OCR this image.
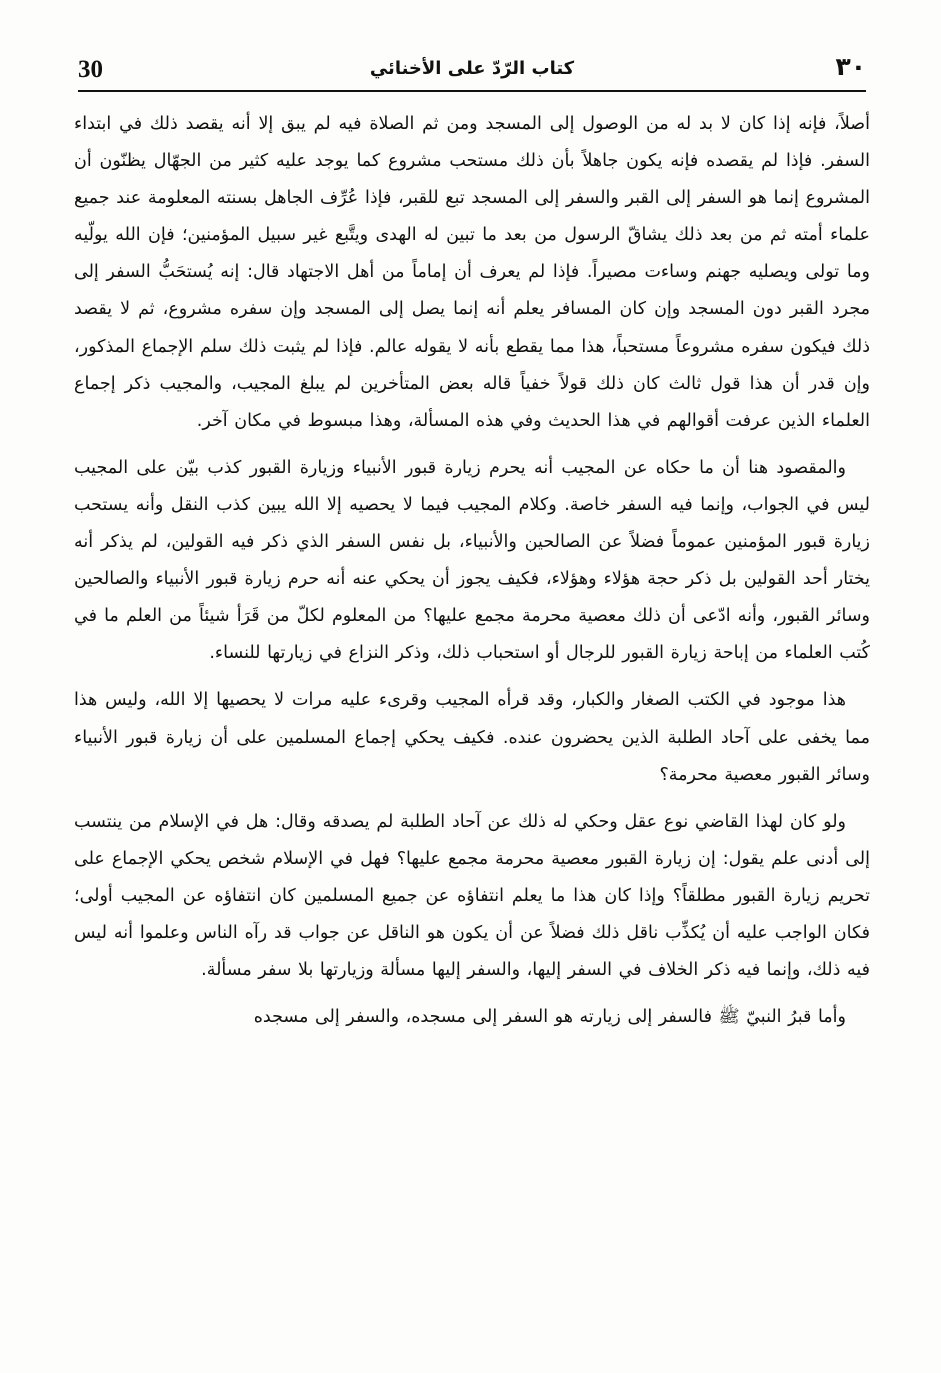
30	كتاب الرّدّ على الأخنائي	٣٠

أصلاً، فإنه إذا كان لا بد له من الوصول إلى المسجد ومن ثم الصلاة فيه لم يبق إلا أنه يقصد ذلك في ابتداء السفر. فإذا لم يقصده فإنه يكون جاهلاً بأن ذلك مستحب مشروع كما يوجد عليه كثير من الجهّال يظنّون أن المشروع إنما هو السفر إلى القبر والسفر إلى المسجد تبع للقبر، فإذا عُرِّف الجاهل بسنته المعلومة عند جميع علماء أمته ثم من بعد ذلك يشاقّ الرسول من بعد ما تبين له الهدى ويتَّبع غير سبيل المؤمنين؛ فإن الله يولّيه وما تولى ويصليه جهنم وساءت مصيراً. فإذا لم يعرف أن إماماً من أهل الاجتهاد قال: إنه يُستحَبُّ السفر إلى مجرد القبر دون المسجد وإن كان المسافر يعلم أنه إنما يصل إلى المسجد وإن سفره مشروع، ثم لا يقصد ذلك فيكون سفره مشروعاً مستحباً، هذا مما يقطع بأنه لا يقوله عالم. فإذا لم يثبت ذلك سلم الإجماع المذكور، وإن قدر أن هذا قول ثالث كان ذلك قولاً خفياً قاله بعض المتأخرين لم يبلغ المجيب، والمجيب ذكر إجماع العلماء الذين عرفت أقوالهم في هذا الحديث وفي هذه المسألة، وهذا مبسوط في مكان آخر.

والمقصود هنا أن ما حكاه عن المجيب أنه يحرم زيارة قبور الأنبياء وزيارة القبور كذب بيّن على المجيب ليس في الجواب، وإنما فيه السفر خاصة. وكلام المجيب فيما لا يحصيه إلا الله يبين كذب النقل وأنه يستحب زيارة قبور المؤمنين عموماً فضلاً عن الصالحين والأنبياء، بل نفس السفر الذي ذكر فيه القولين، لم يذكر أنه يختار أحد القولين بل ذكر حجة هؤلاء وهؤلاء، فكيف يجوز أن يحكي عنه أنه حرم زيارة قبور الأنبياء والصالحين وسائر القبور، وأنه ادّعى أن ذلك معصية محرمة مجمع عليها؟ من المعلوم لكلّ من قَرَأ شيئاً من العلم ما في كُتب العلماء من إباحة زيارة القبور للرجال أو استحباب ذلك، وذكر النزاع في زيارتها للنساء.

هذا موجود في الكتب الصغار والكبار، وقد قرأه المجيب وقرىء عليه مرات لا يحصيها إلا الله، وليس هذا مما يخفى على آحاد الطلبة الذين يحضرون عنده. فكيف يحكي إجماع المسلمين على أن زيارة قبور الأنبياء وسائر القبور معصية محرمة؟

ولو كان لهذا القاضي نوع عقل وحكي له ذلك عن آحاد الطلبة لم يصدقه وقال: هل في الإسلام من ينتسب إلى أدنى علم يقول: إن زيارة القبور معصية محرمة مجمع عليها؟ فهل في الإسلام شخص يحكي الإجماع على تحريم زيارة القبور مطلقاً؟ وإذا كان هذا ما يعلم انتفاؤه عن جميع المسلمين كان انتفاؤه عن المجيب أولى؛ فكان الواجب عليه أن يُكذِّب ناقل ذلك فضلاً عن أن يكون هو الناقل عن جواب قد رآه الناس وعلموا أنه ليس فيه ذلك، وإنما فيه ذكر الخلاف في السفر إليها، والسفر إليها مسألة وزيارتها بلا سفر مسألة.

وأما قبرُ النبيّ ﷺ فالسفر إلى زيارته هو السفر إلى مسجده، والسفر إلى مسجده
